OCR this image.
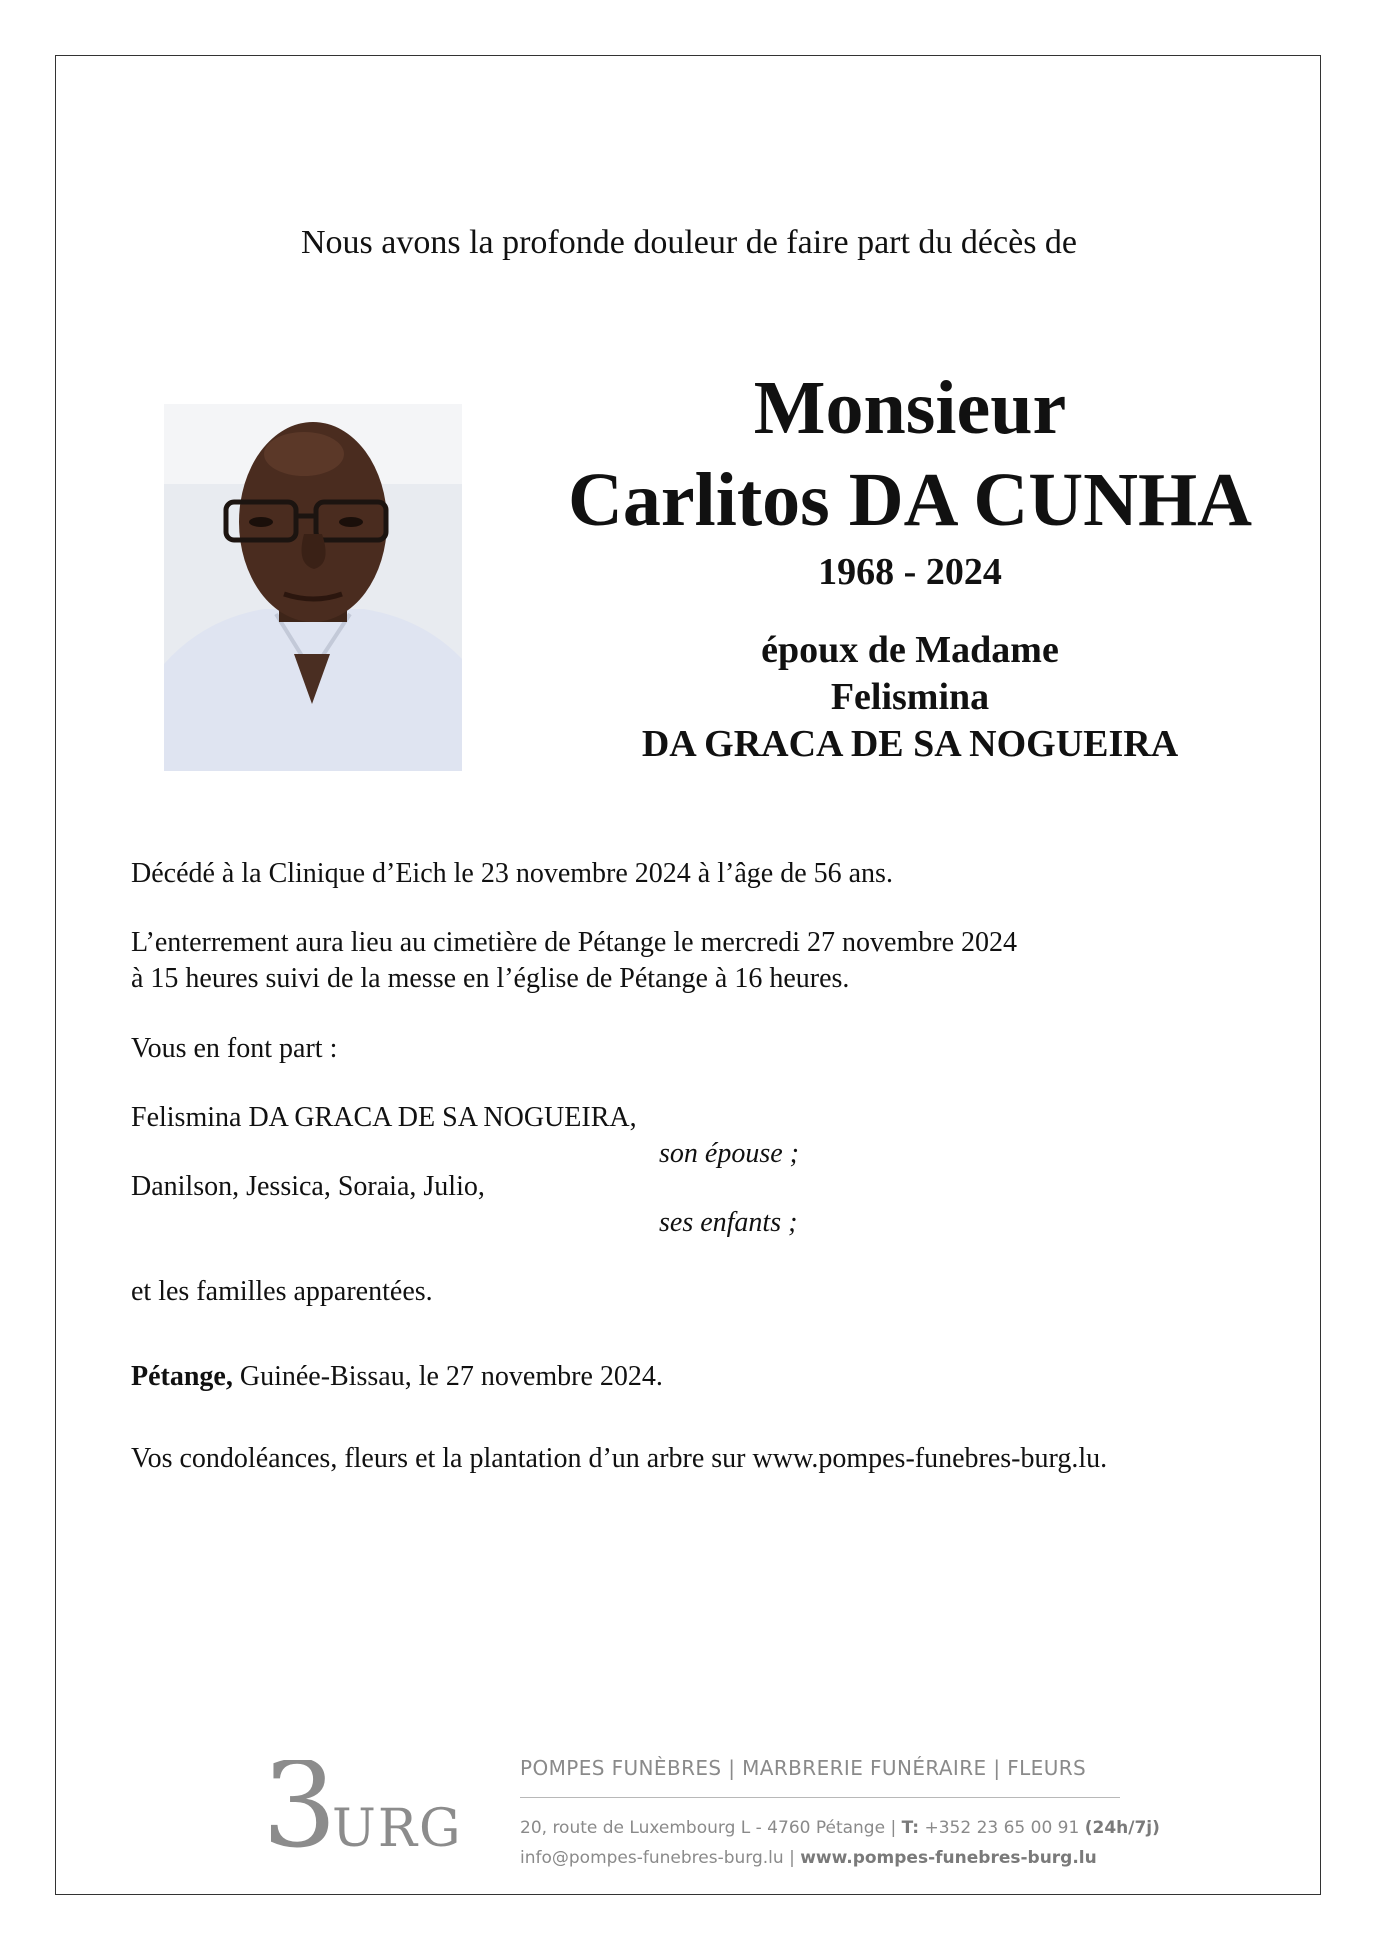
Nous avons la profonde douleur de faire part du décès de
Monsieur
Carlitos DA CUNHA
1968 - 2024
époux de Madame
Felismina
DA GRACA DE SA NOGUEIRA
Décédé à la Clinique d’Eich le 23 novembre 2024 à l’âge de 56 ans.
L’enterrement aura lieu au cimetière de Pétange le mercredi 27 novembre 2024
à 15 heures suivi de la messe en l’église de Pétange à 16 heures.
Vous en font part :
Felismina DA GRACA DE SA NOGUEIRA,
son épouse ;
Danilson, Jessica, Soraia, Julio,
ses enfants ;
et les familles apparentées.
Pétange, Guinée-Bissau, le 27 novembre 2024.
Vos condoléances, fleurs et la plantation d’un arbre sur www.pompes-funebres-burg.lu.
3
URG
POMPES FUNÈBRES | MARBRERIE FUNÉRAIRE | FLEURS
20, route de Luxembourg L - 4760 Pétange | T: +352 23 65 00 91 (24h/7j)
info@pompes-funebres-burg.lu | www.pompes-funebres-burg.lu
